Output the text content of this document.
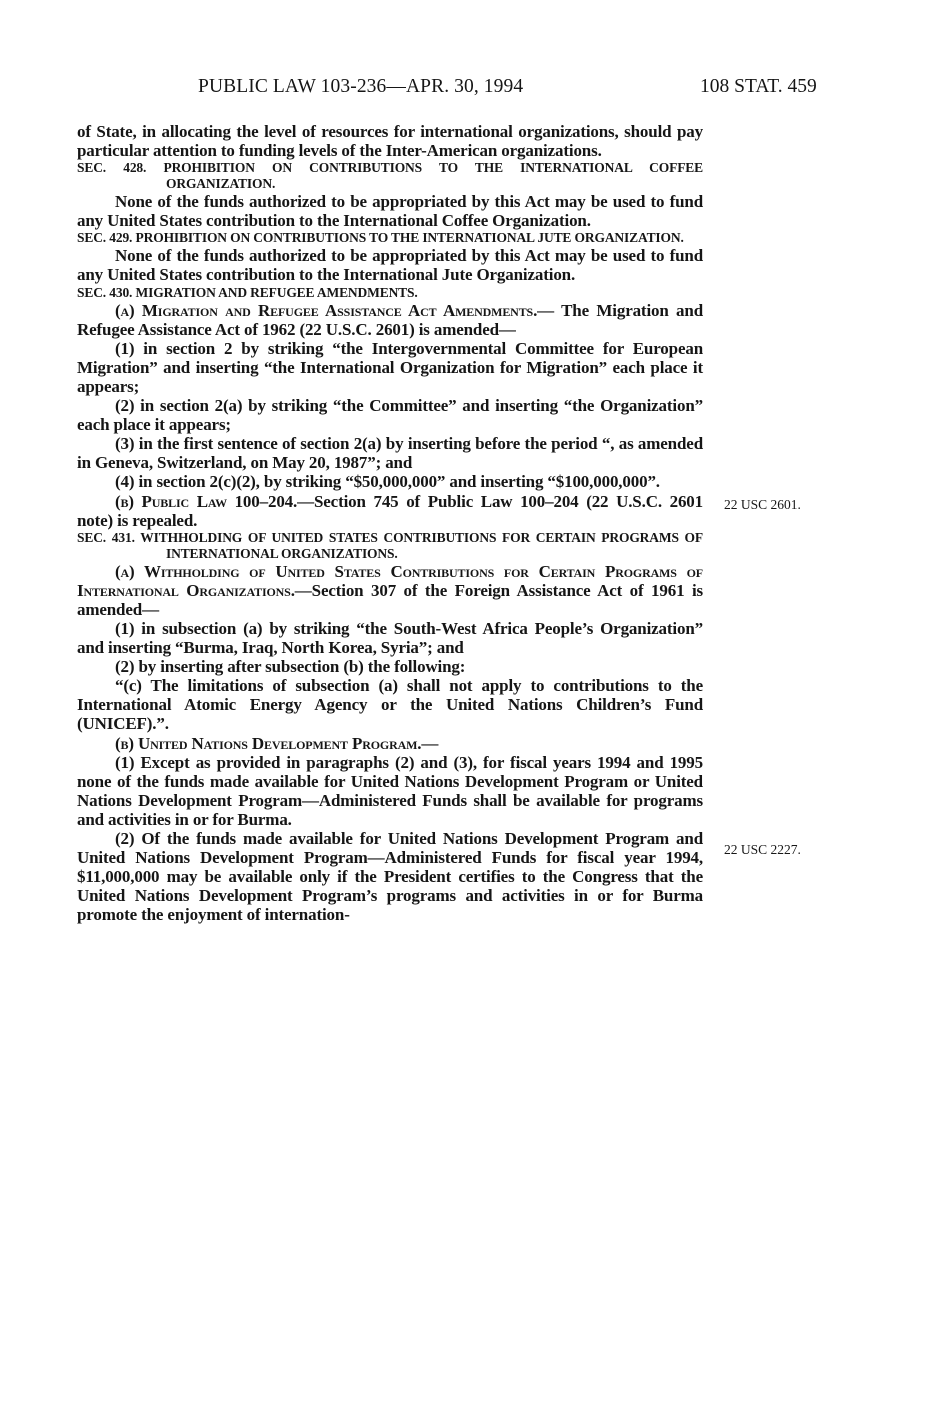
PUBLIC LAW 103-236—APR. 30, 1994	108 STAT. 459

of State, in allocating the level of resources for international organizations, should pay particular attention to funding levels of the Inter-American organizations.

SEC. 428. PROHIBITION ON CONTRIBUTIONS TO THE INTERNATIONAL COFFEE ORGANIZATION.

None of the funds authorized to be appropriated by this Act may be used to fund any United States contribution to the International Coffee Organization.

SEC. 429. PROHIBITION ON CONTRIBUTIONS TO THE INTERNATIONAL JUTE ORGANIZATION.

None of the funds authorized to be appropriated by this Act may be used to fund any United States contribution to the International Jute Organization.

SEC. 430. MIGRATION AND REFUGEE AMENDMENTS.

(a) Migration and Refugee Assistance Act Amendments.— The Migration and Refugee Assistance Act of 1962 (22 U.S.C. 2601) is amended—

(1) in section 2 by striking “the Intergovernmental Committee for European Migration” and inserting “the International Organization for Migration” each place it appears;

(2) in section 2(a) by striking “the Committee” and inserting “the Organization” each place it appears;

(3) in the first sentence of section 2(a) by inserting before the period “, as amended in Geneva, Switzerland, on May 20, 1987”; and

(4) in section 2(c)(2), by striking “$50,000,000” and inserting “$100,000,000”.

(b) Public Law 100–204.—Section 745 of Public Law 100–204 (22 U.S.C. 2601 note) is repealed.

SEC. 431. WITHHOLDING OF UNITED STATES CONTRIBUTIONS FOR CERTAIN PROGRAMS OF INTERNATIONAL ORGANIZATIONS.

(a) Withholding of United States Contributions for Certain Programs of International Organizations.—Section 307 of the Foreign Assistance Act of 1961 is amended—

(1) in subsection (a) by striking “the South-West Africa People’s Organization” and inserting “Burma, Iraq, North Korea, Syria”; and

(2) by inserting after subsection (b) the following:

“(c) The limitations of subsection (a) shall not apply to contributions to the International Atomic Energy Agency or the United Nations Children’s Fund (UNICEF).”.

(b) United Nations Development Program.—

(1) Except as provided in paragraphs (2) and (3), for fiscal years 1994 and 1995 none of the funds made available for United Nations Development Program or United Nations Development Program—Administered Funds shall be available for programs and activities in or for Burma.

(2) Of the funds made available for United Nations Development Program and United Nations Development Program—Administered Funds for fiscal year 1994, $11,000,000 may be available only if the President certifies to the Congress that the United Nations Development Program’s programs and activities in or for Burma promote the enjoyment of internation-

22 USC 2601.
22 USC 2227.
